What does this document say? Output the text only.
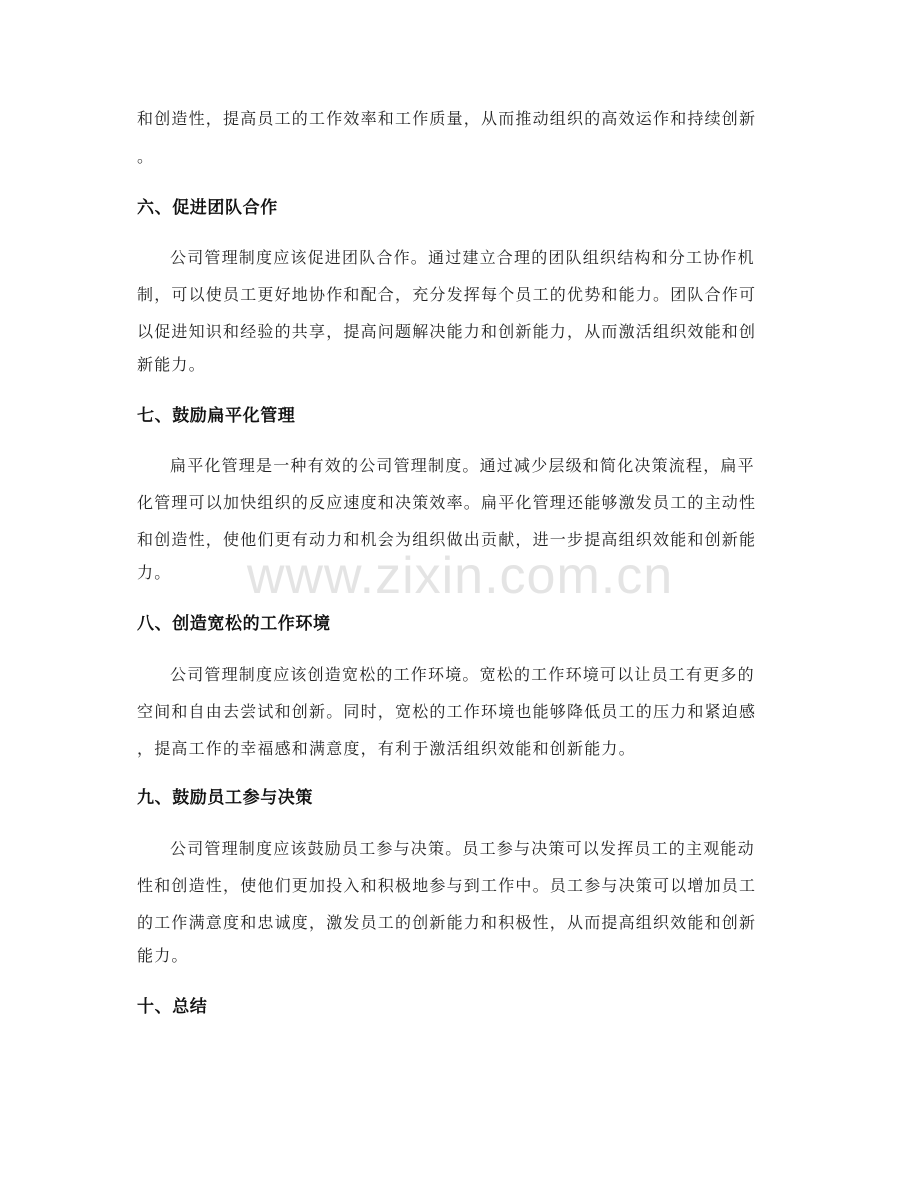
和创造性，提高员工的工作效率和工作质量，从而推动组织的高效运作和持续创新
。
六、促进团队合作
公司管理制度应该促进团队合作。通过建立合理的团队组织结构和分工协作机
制，可以使员工更好地协作和配合，充分发挥每个员工的优势和能力。团队合作可
以促进知识和经验的共享，提高问题解决能力和创新能力，从而激活组织效能和创
新能力。
七、鼓励扁平化管理
扁平化管理是一种有效的公司管理制度。通过减少层级和简化决策流程，扁平
化管理可以加快组织的反应速度和决策效率。扁平化管理还能够激发员工的主动性
和创造性，使他们更有动力和机会为组织做出贡献，进一步提高组织效能和创新能
力。
八、创造宽松的工作环境
公司管理制度应该创造宽松的工作环境。宽松的工作环境可以让员工有更多的
空间和自由去尝试和创新。同时，宽松的工作环境也能够降低员工的压力和紧迫感
，提高工作的幸福感和满意度，有利于激活组织效能和创新能力。
九、鼓励员工参与决策
公司管理制度应该鼓励员工参与决策。员工参与决策可以发挥员工的主观能动
性和创造性，使他们更加投入和积极地参与到工作中。员工参与决策可以增加员工
的工作满意度和忠诚度，激发员工的创新能力和积极性，从而提高组织效能和创新
能力。
十、总结
www.zixin.com.cn
